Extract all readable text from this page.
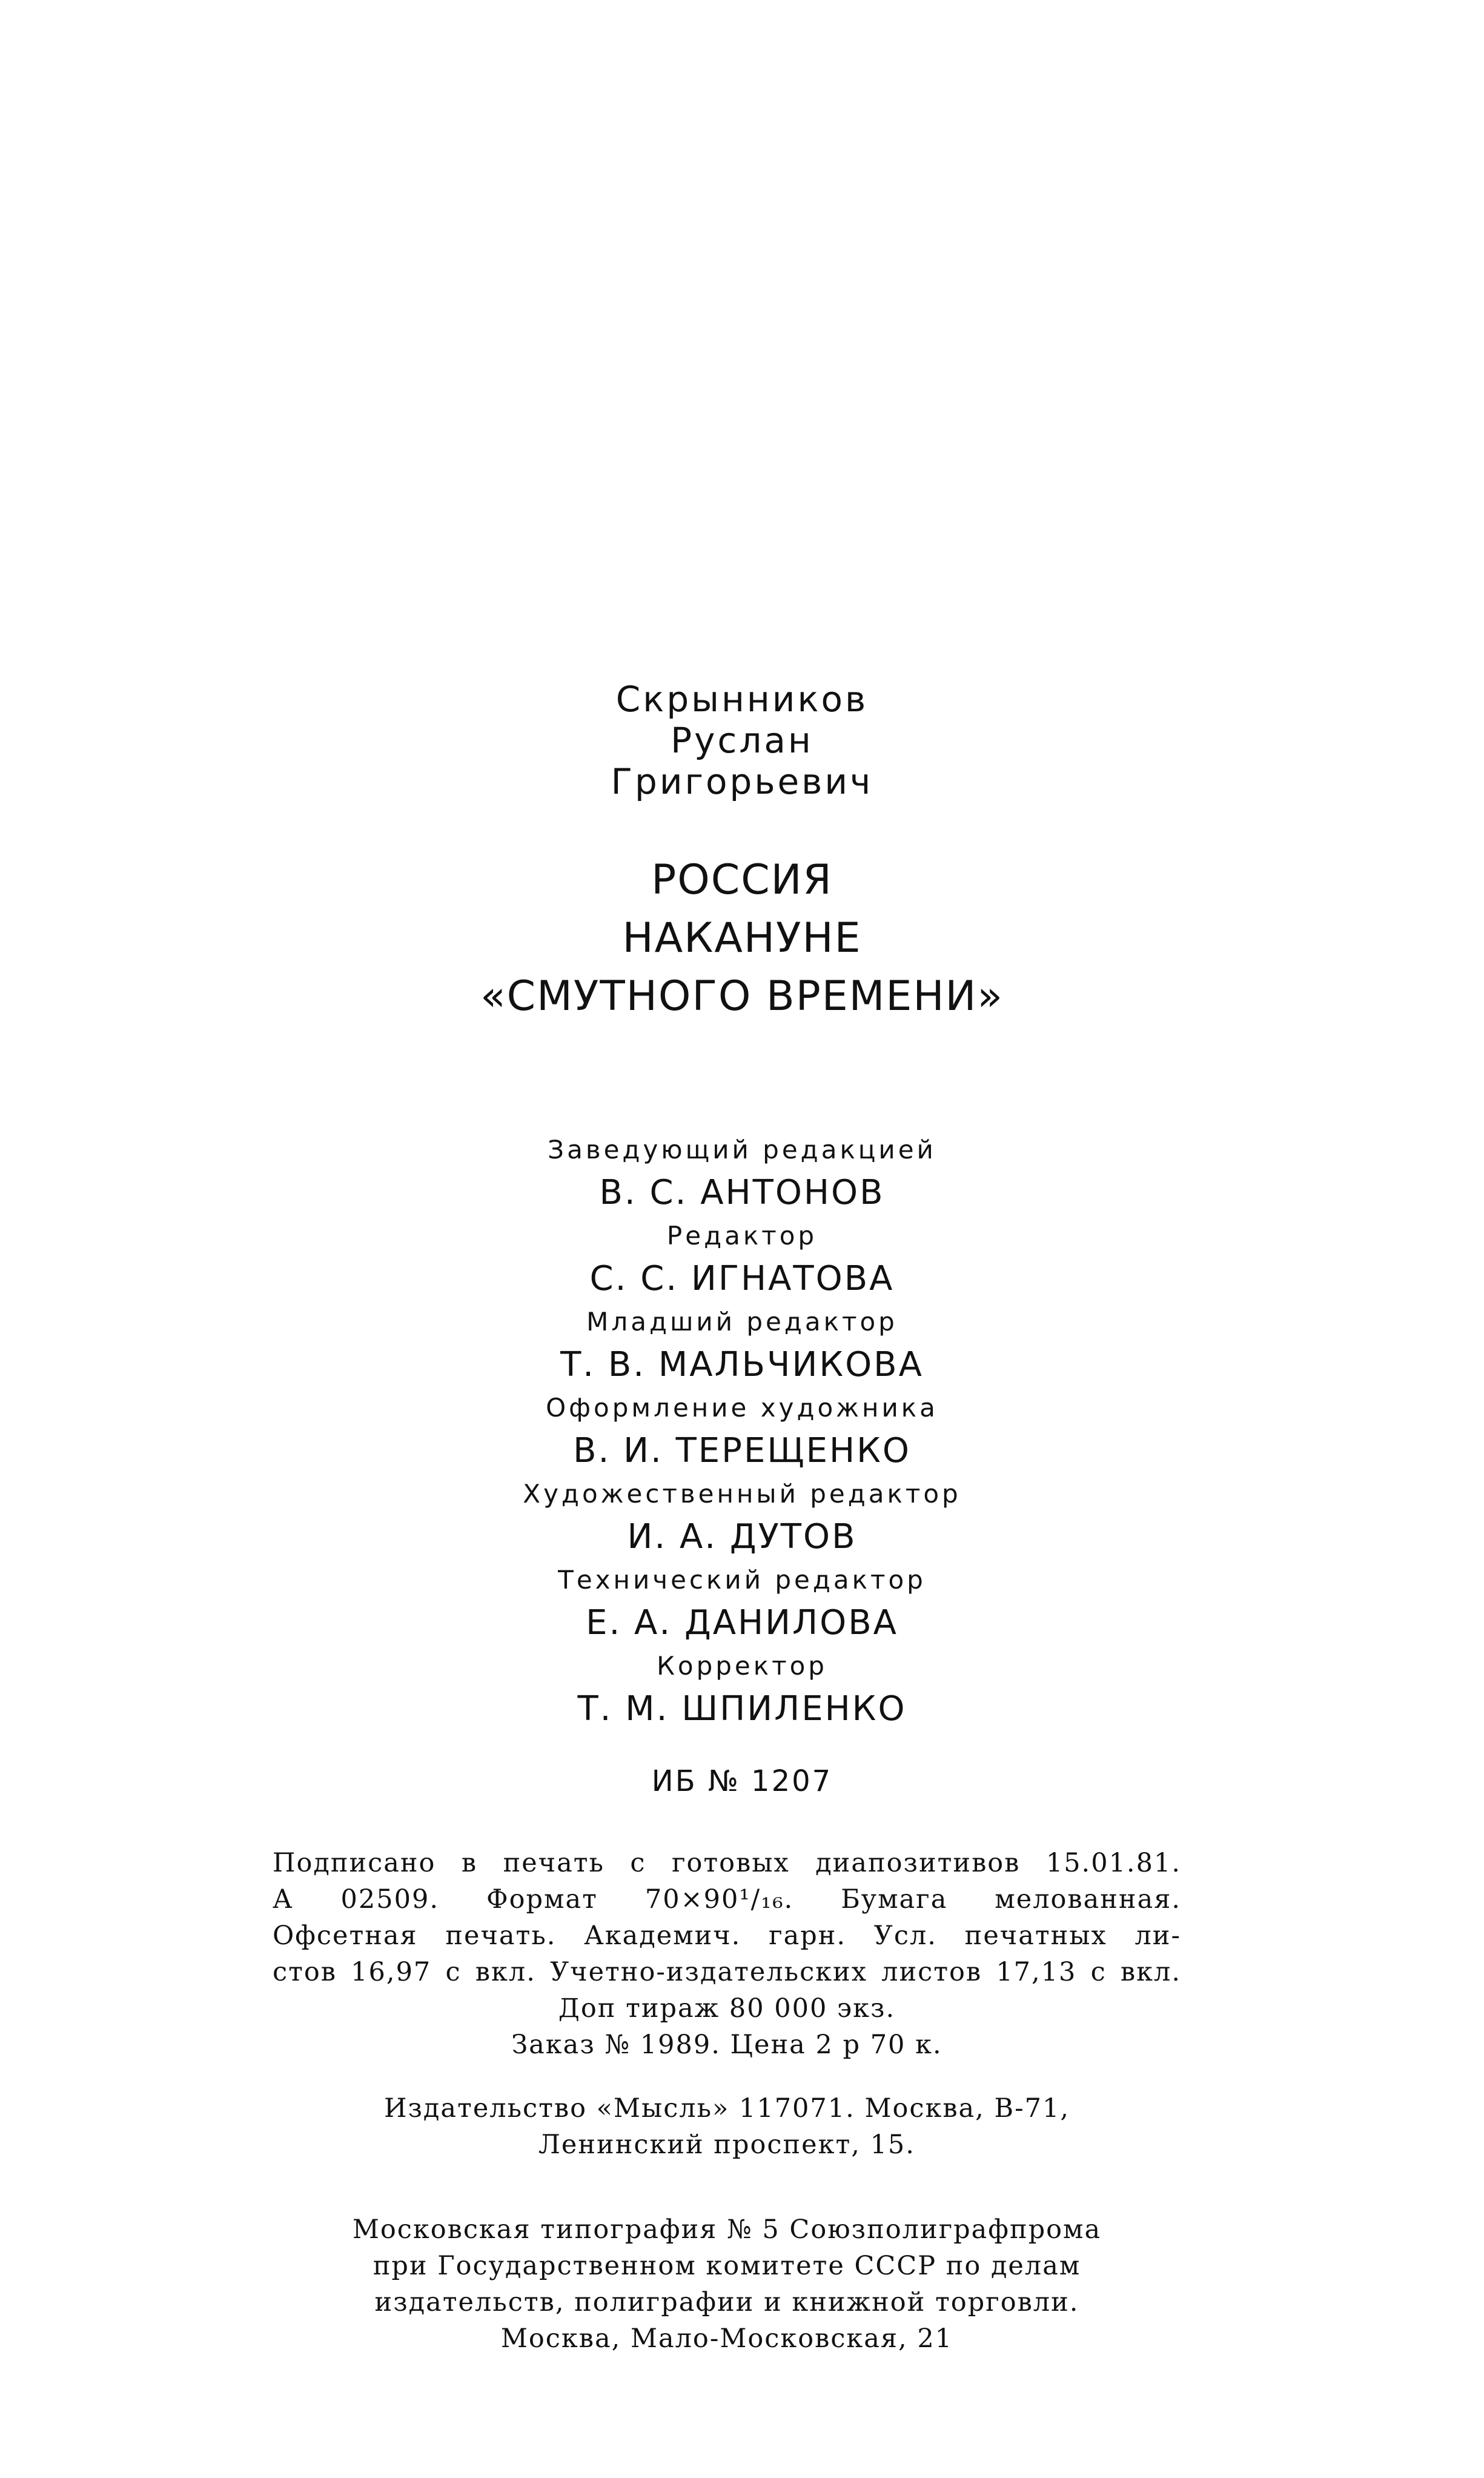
Скрынников
Руслан
Григорьевич
РОССИЯ
НАКАНУНЕ
«СМУТНОГО ВРЕМЕНИ»
Заведующий редакцией
В. С. АНТОНОВ
Редактор
С. С. ИГНАТОВА
Младший редактор
Т. В. МАЛЬЧИКОВА
Оформление художника
В. И. ТЕРЕЩЕНКО
Художественный редактор
И. А. ДУТОВ
Технический редактор
Е. А. ДАНИЛОВА
Корректор
Т. М. ШПИЛЕНКО
ИБ № 1207

Подписано в печать с готовых диапозитивов 15.01.81.

А 02509. Формат 70×90¹/₁₆. Бумага мелованная.

Офсетная печать. Академич. гарн. Усл. печатных ли-

стов 16,97 с вкл. Учетно-издательских листов 17,13 с вкл.

Доп тираж 80 000 экз.

Заказ № 1989. Цена 2 р 70 к.

Издательство «Мысль» 117071. Москва, В-71,

Ленинский проспект, 15.

Московская типография № 5 Союзполиграфпрома

при Государственном комитете СССР по делам

издательств, полиграфии и книжной торговли.

Москва, Мало-Московская, 21
